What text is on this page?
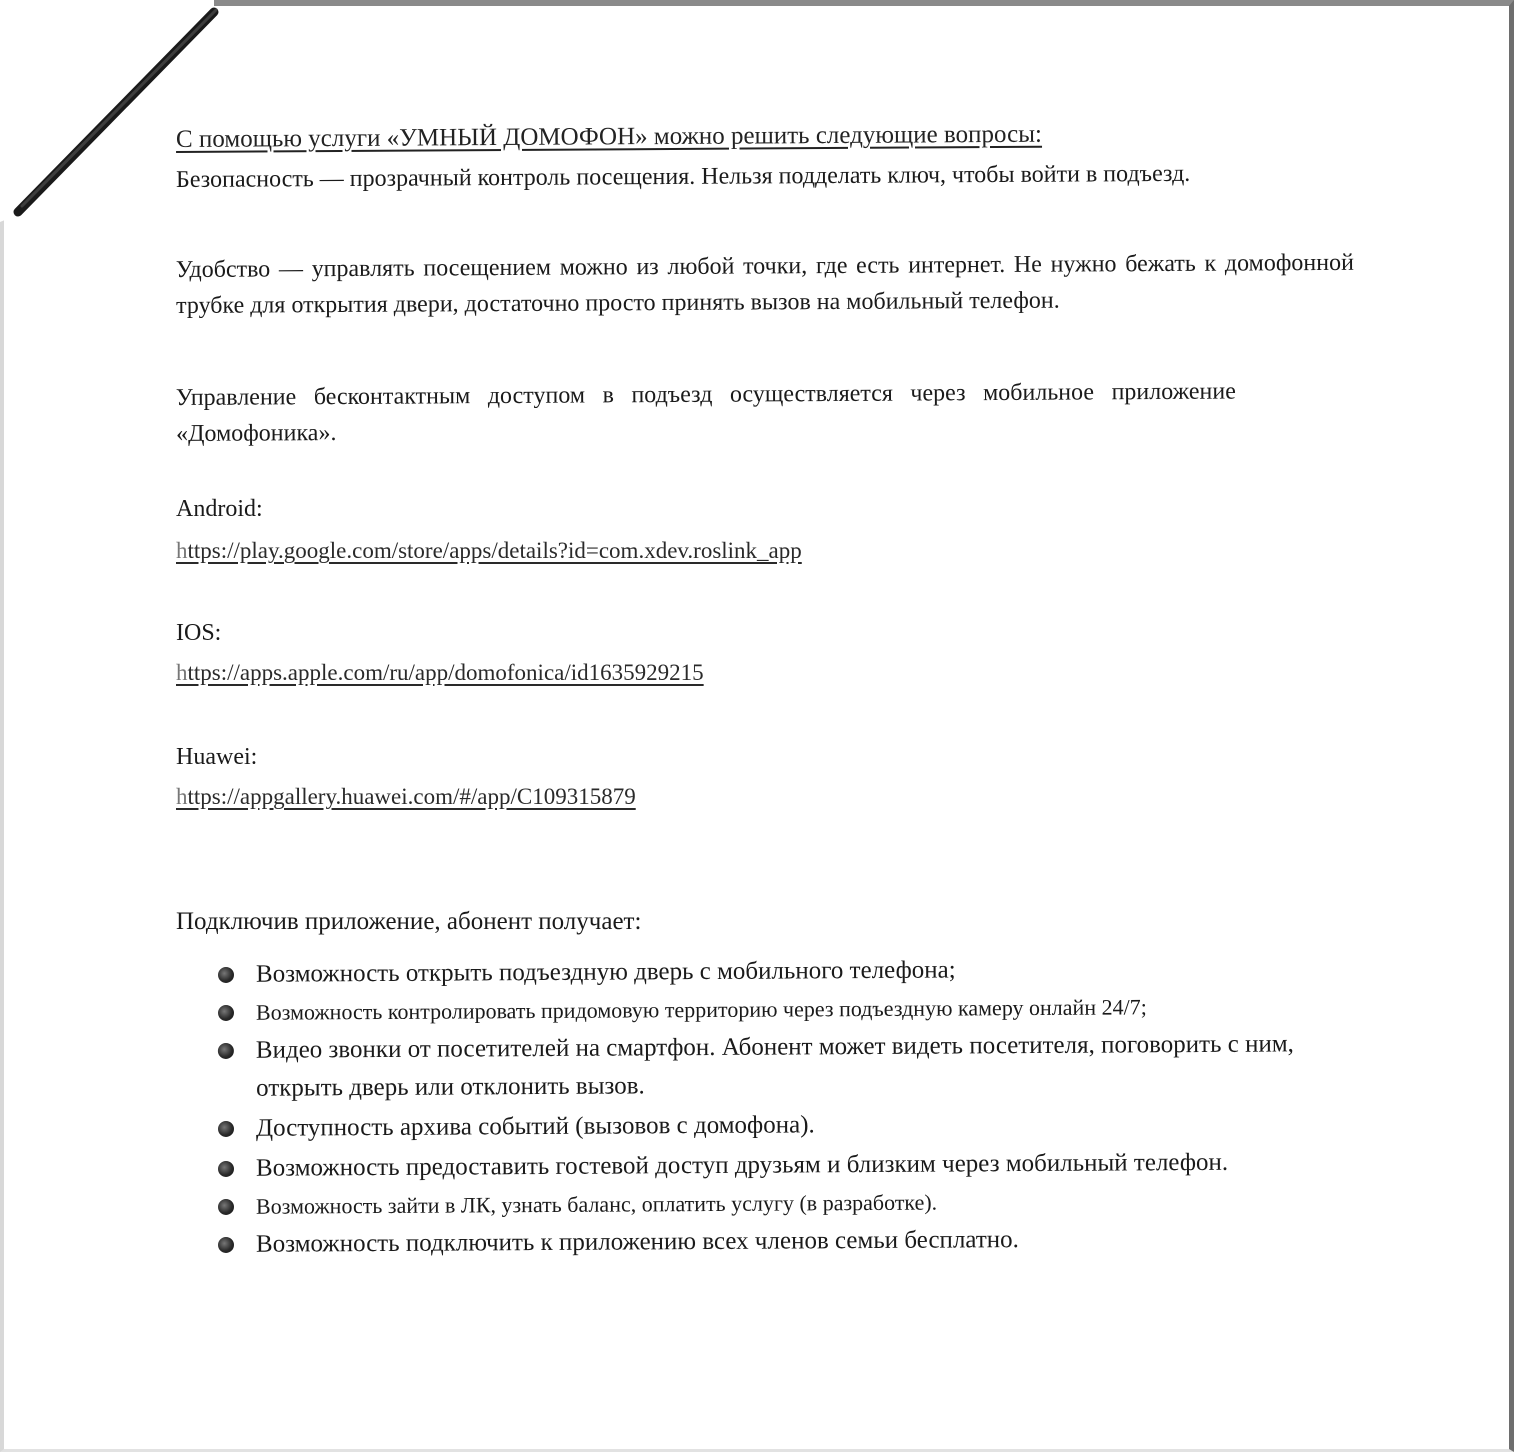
С помощью услуги «УМНЫЙ ДОМОФОН» можно решить следующие вопросы:
Безопасность — прозрачный контроль посещения. Нельзя подделать ключ, чтобы войти в подъезд.
Удобство — управлять посещением можно из любой точки, где есть интернет. Не нужно бежать к домофонной трубке для открытия двери, достаточно просто принять вызов на мобильный телефон.
Управление бесконтактным доступом в подъезд осуществляется через мобильное приложение «Домофоника».
Android:
https://play.google.com/store/apps/details?id=com.xdev.roslink_app
IOS:
https://apps.apple.com/ru/app/domofonica/id1635929215
Huawei:
https://appgallery.huawei.com/#/app/C109315879
Подключив приложение, абонент получает:
Возможность открыть подъездную дверь с мобильного телефона;
Возможность контролировать придомовую территорию через подъездную камеру онлайн 24/7;
Видео звонки от посетителей на смартфон. Абонент может видеть посетителя, поговорить с ним, открыть дверь или отклонить вызов.
Доступность архива событий (вызовов с домофона).
Возможность предоставить гостевой доступ друзьям и близким через мобильный телефон.
Возможность зайти в ЛК, узнать баланс, оплатить услугу (в разработке).
Возможность подключить к приложению всех членов семьи бесплатно.
